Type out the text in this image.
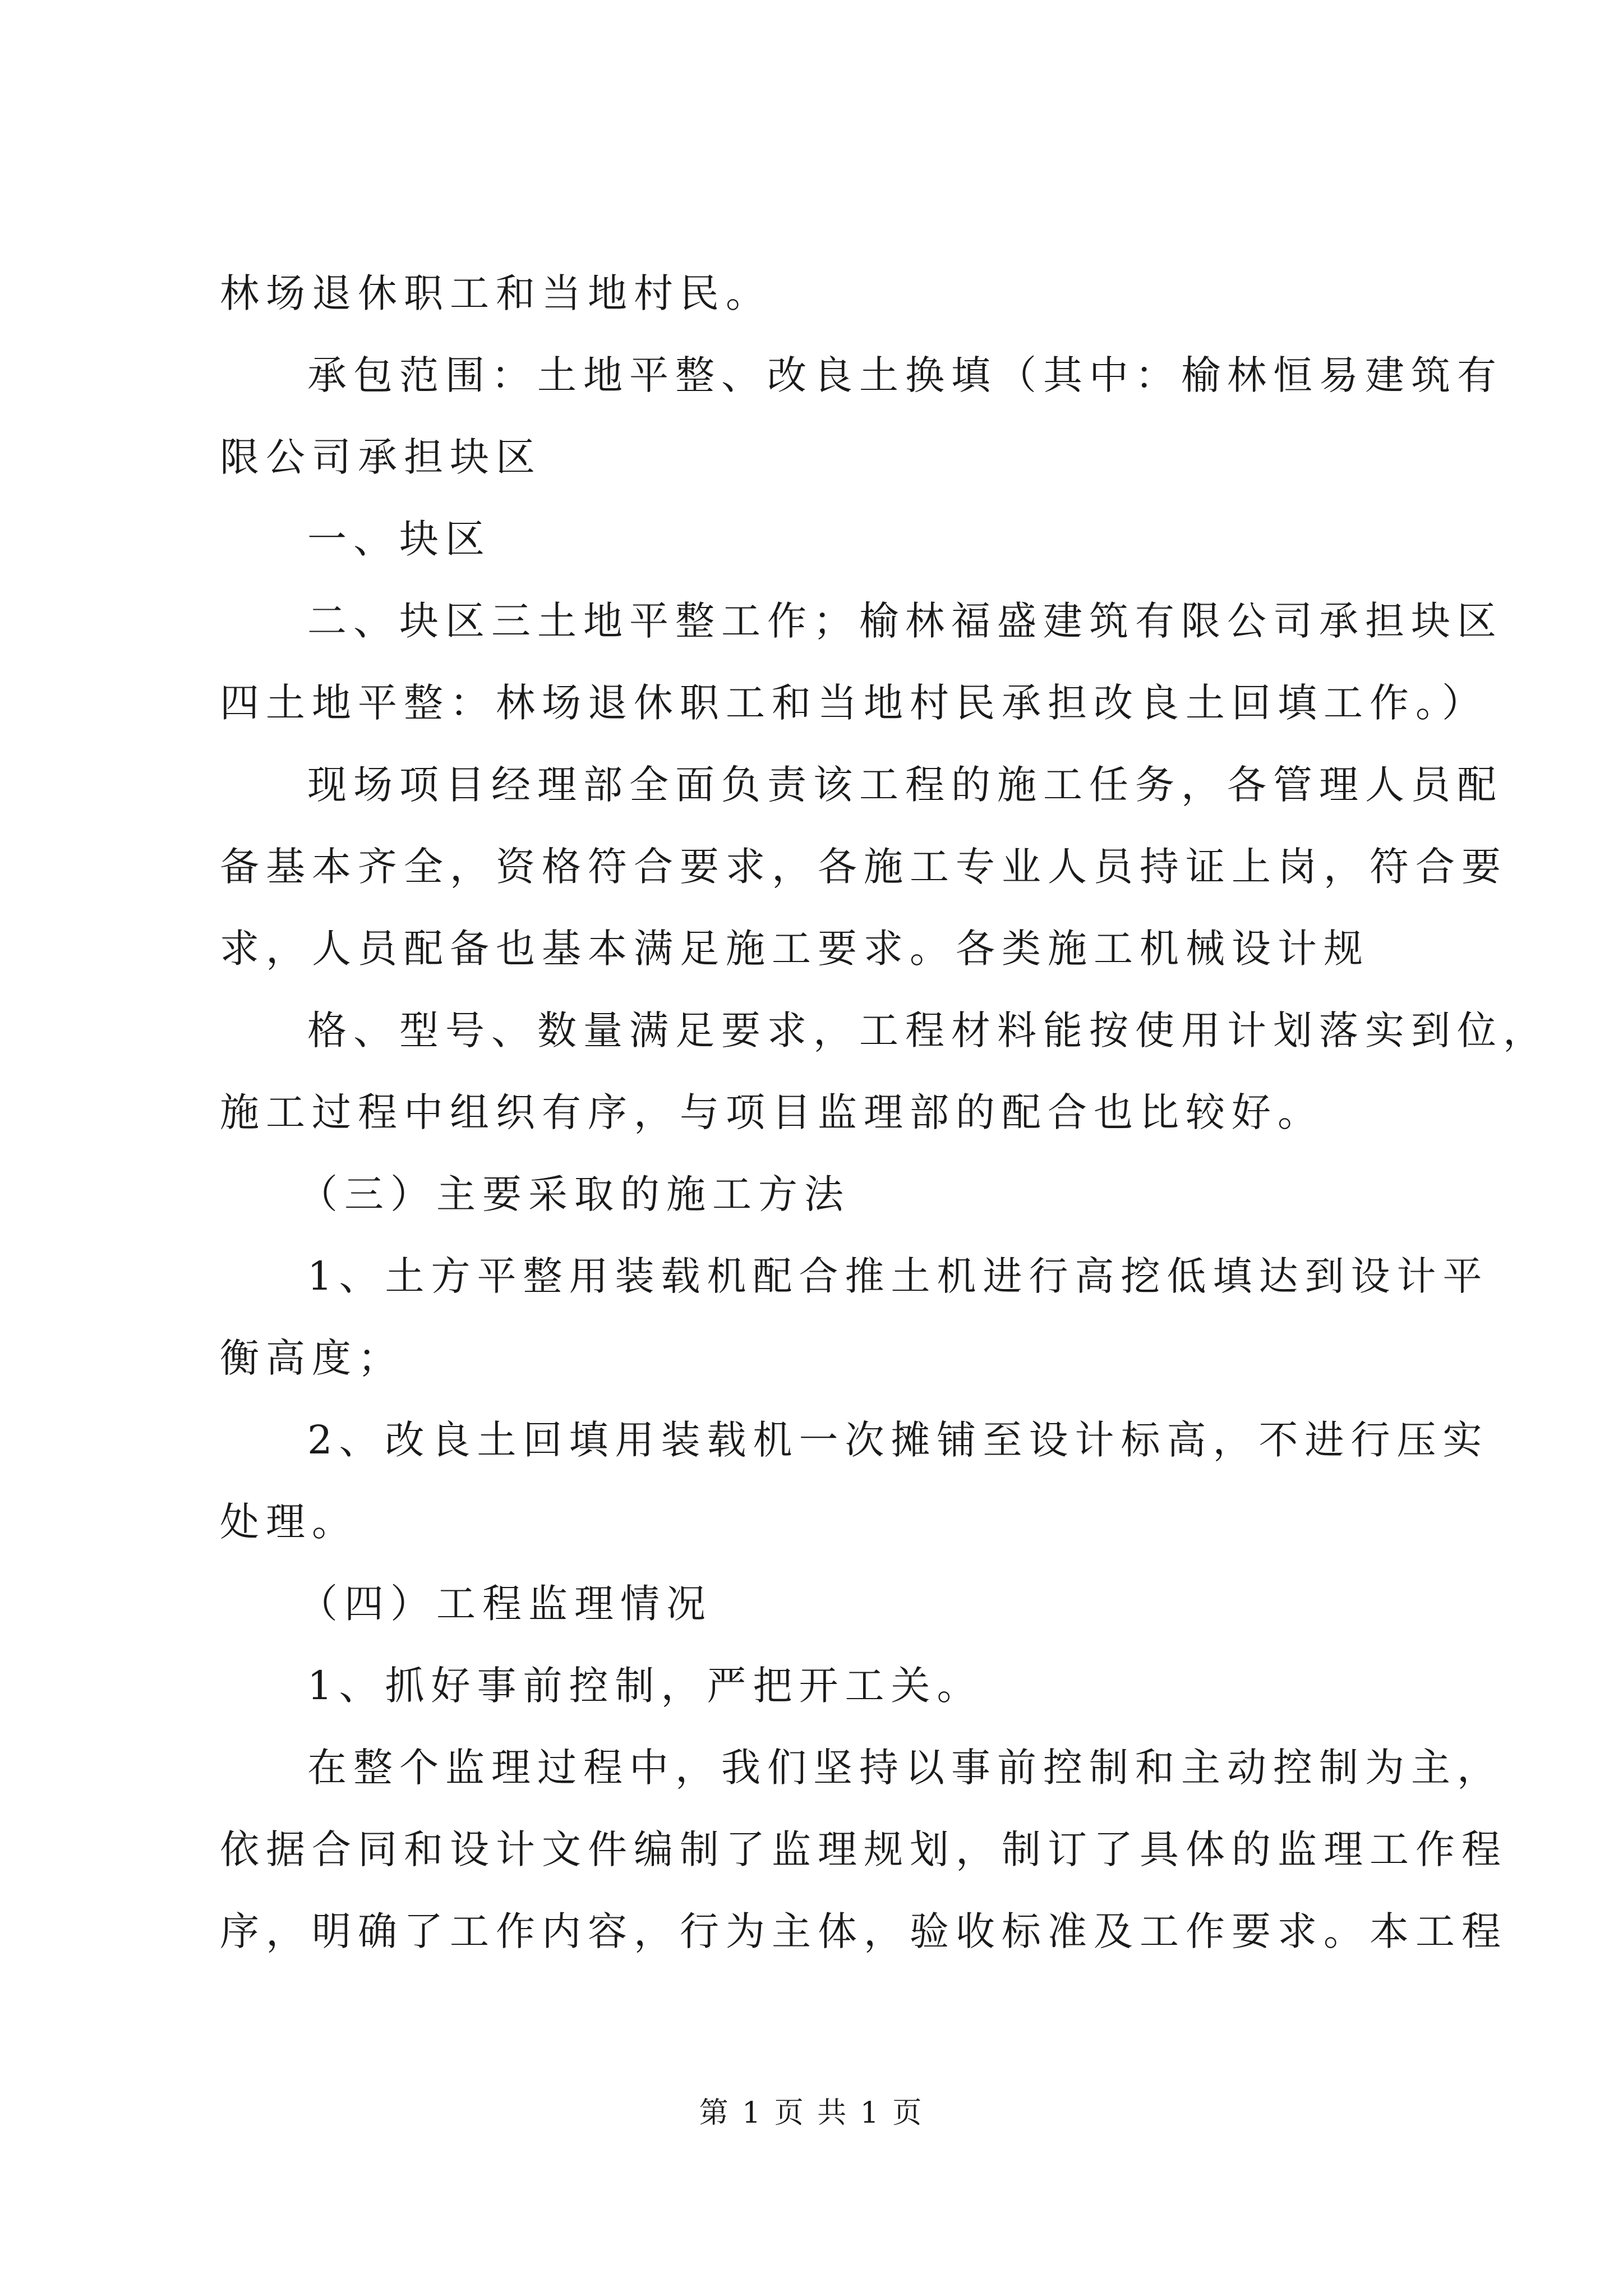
林场退休职工和当地村民。
承包范围：土地平整、改良土换填（其中：榆林恒易建筑有
限公司承担块区
一、块区
二、块区三土地平整工作；榆林福盛建筑有限公司承担块区
四土地平整：林场退休职工和当地村民承担改良土回填工作。）
现场项目经理部全面负责该工程的施工任务，各管理人员配
备基本齐全，资格符合要求，各施工专业人员持证上岗，符合要
求，人员配备也基本满足施工要求。各类施工机械设计规
格、型号、数量满足要求，工程材料能按使用计划落实到位，
施工过程中组织有序，与项目监理部的配合也比较好。
（三）主要采取的施工方法
1、土方平整用装载机配合推土机进行高挖低填达到设计平
衡高度；
2、改良土回填用装载机一次摊铺至设计标高，不进行压实
处理。
（四）工程监理情况
1、抓好事前控制，严把开工关。
在整个监理过程中，我们坚持以事前控制和主动控制为主，
依据合同和设计文件编制了监理规划，制订了具体的监理工作程
序，明确了工作内容，行为主体，验收标准及工作要求。本工程
第 1 页 共 1 页
